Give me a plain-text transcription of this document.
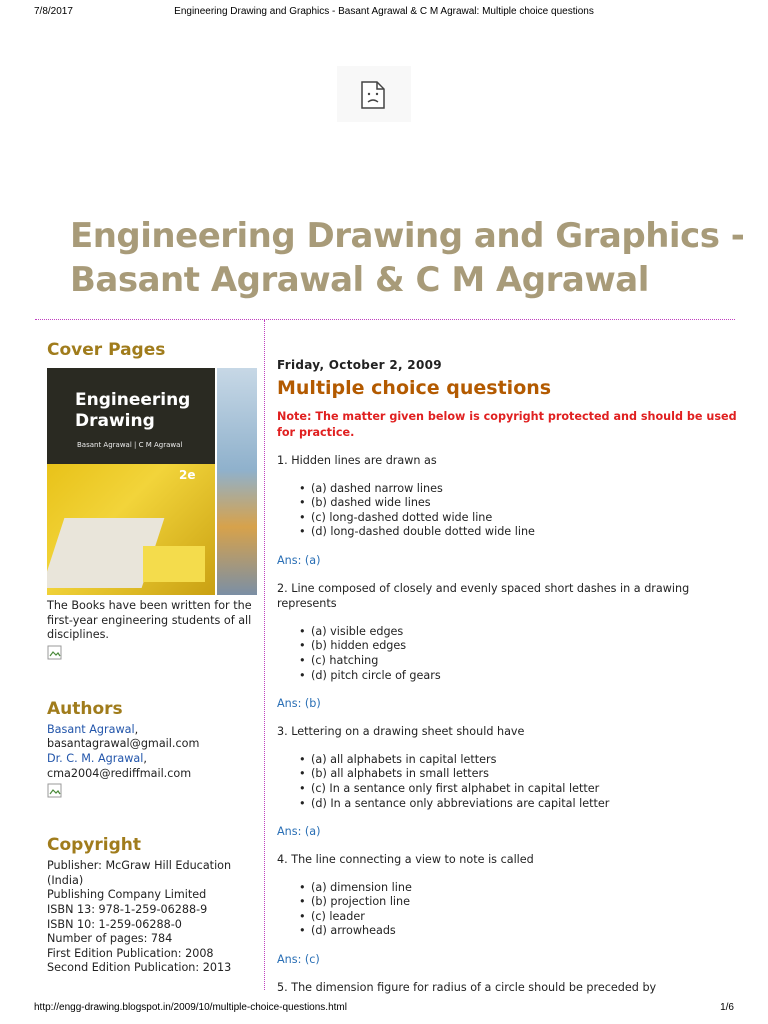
7/8/2017	Engineering Drawing and Graphics - Basant Agrawal & C M Agrawal: Multiple choice questions
Engineering Drawing and Graphics - Basant Agrawal & C M Agrawal
Cover Pages
Engineering Drawing
Basant Agrawal | C M Agrawal
2e

The Books have been written for the first-year engineering students of all disciplines.

Authors
Basant Agrawal,
basantagrawal@gmail.com
Dr. C. M. Agrawal,
cma2004@rediffmail.com
Copyright
Publisher: McGraw Hill Education (India)
Publishing Company Limited
ISBN 13: 978-1-259-06288-9
ISBN 10: 1-259-06288-0
Number of pages: 784
First Edition Publication: 2008
Second Edition Publication: 2013

Friday, October 2, 2009

Multiple choice questions

Note: The matter given below is copyright protected and should be used for practice.

1. Hidden lines are drawn as

• (a) dashed narrow lines
• (b) dashed wide lines
• (c) long-dashed dotted wide line
• (d) long-dashed double dotted wide line

Ans: (a)

2. Line composed of closely and evenly spaced short dashes in a drawing represents

• (a) visible edges
• (b) hidden edges
• (c) hatching
• (d) pitch circle of gears

Ans: (b)

3. Lettering on a drawing sheet should have

• (a) all alphabets in capital letters
• (b) all alphabets in small letters
• (c) In a sentance only first alphabet in capital letter
• (d) In a sentance only abbreviations are capital letter

Ans: (a)

4. The line connecting a view to note is called

• (a) dimension line
• (b) projection line
• (c) leader
• (d) arrowheads

Ans: (c)

5. The dimension figure for radius of a circle should be preceded by

http://engg-drawing.blogspot.in/2009/10/multiple-choice-questions.html	1/6
